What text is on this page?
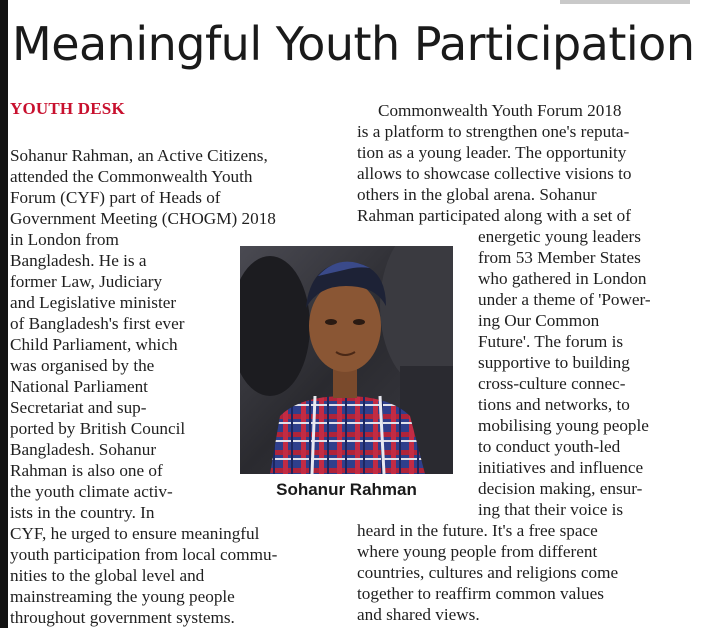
Meaningful Youth Participation
YOUTH DESK
Sohanur Rahman, an Active Citizens,
attended the Commonwealth Youth
Forum (CYF) part of Heads of
Government Meeting (CHOGM) 2018
in London from
Bangladesh. He is a
former Law, Judiciary
and Legislative minister
of Bangladesh's first ever
Child Parliament, which
was organised by the
National Parliament
Secretariat and sup-
ported by British Council
Bangladesh. Sohanur
Rahman is also one of
the youth climate activ-
ists in the country. In
CYF, he urged to ensure meaningful
youth participation from local commu-
nities to the global level and
mainstreaming the young people
throughout government systems.
Commonwealth Youth Forum 2018
is a platform to strengthen one's reputa-
tion as a young leader. The opportunity
allows to showcase collective visions to
others in the global arena. Sohanur
Rahman participated along with a set of
energetic young leaders
from 53 Member States
who gathered in London
under a theme of 'Power-
ing Our Common
Future'. The forum is
supportive to building
cross-culture connec-
tions and networks, to
mobilising young people
to conduct youth-led
initiatives and influence
decision making, ensur-
ing that their voice is
heard in the future. It's a free space
where young people from different
countries, cultures and religions come
together to reaffirm common values
and shared views.
Sohanur Rahman
